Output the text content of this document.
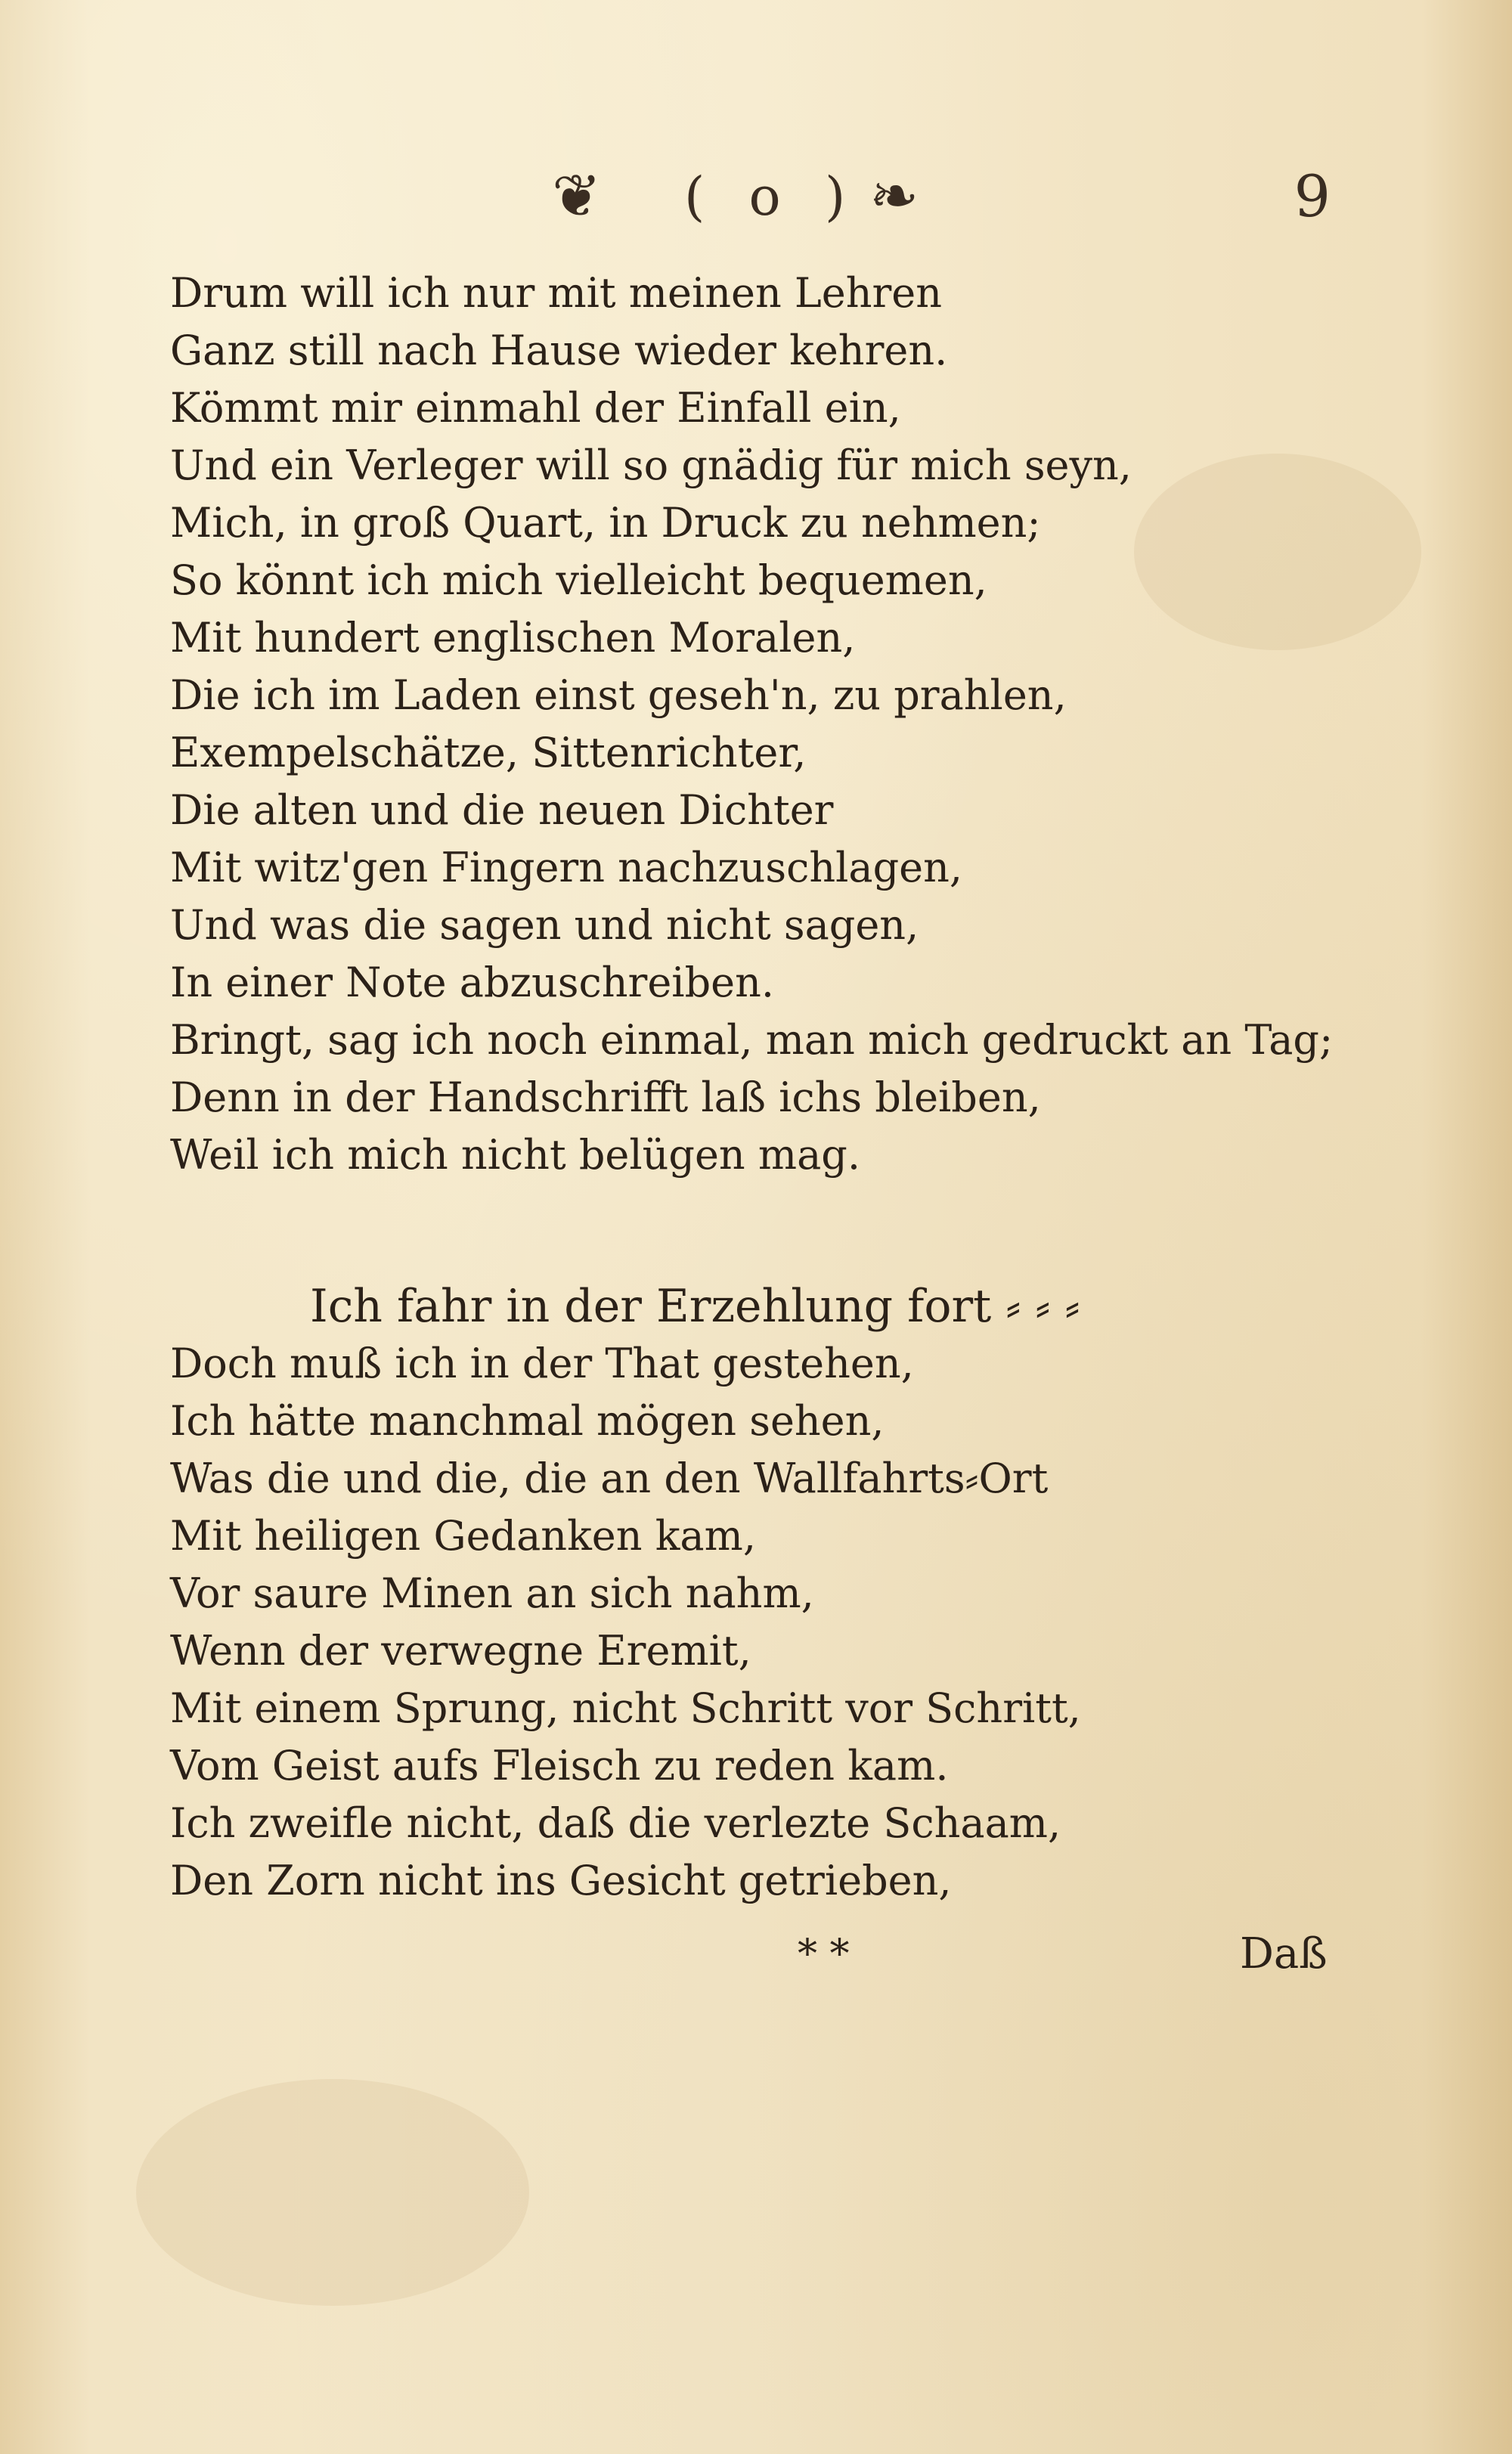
❦ ( o ) ❧	9
Drum will ich nur mit meinen Lehren
Ganz still nach Hause wieder kehren.
Kömmt mir einmahl der Einfall ein,
Und ein Verleger will so gnädig für mich seyn,
Mich, in groß Quart, in Druck zu nehmen;
So könnt ich mich vielleicht bequemen,
Mit hundert englischen Moralen,
Die ich im Laden einst geseh'n, zu prahlen,
Exempelschätze, Sittenrichter,
Die alten und die neuen Dichter
Mit witz'gen Fingern nachzuschlagen,
Und was die sagen und nicht sagen,
In einer Note abzuschreiben.
Bringt, sag ich noch einmal, man mich gedruckt an Tag;
Denn in der Handschrifft laß ichs bleiben,
Weil ich mich nicht belügen mag.
Ich fahr in der Erzehlung fort ⸗ ⸗ ⸗
Doch muß ich in der That gestehen,
Ich hätte manchmal mögen sehen,
Was die und die, die an den Wallfahrts⸗Ort
Mit heiligen Gedanken kam,
Vor saure Minen an sich nahm,
Wenn der verwegne Eremit,
Mit einem Sprung, nicht Schritt vor Schritt,
Vom Geist aufs Fleisch zu reden kam.
Ich zweifle nicht, daß die verlezte Schaam,
Den Zorn nicht ins Gesicht getrieben,
* *	Daß
